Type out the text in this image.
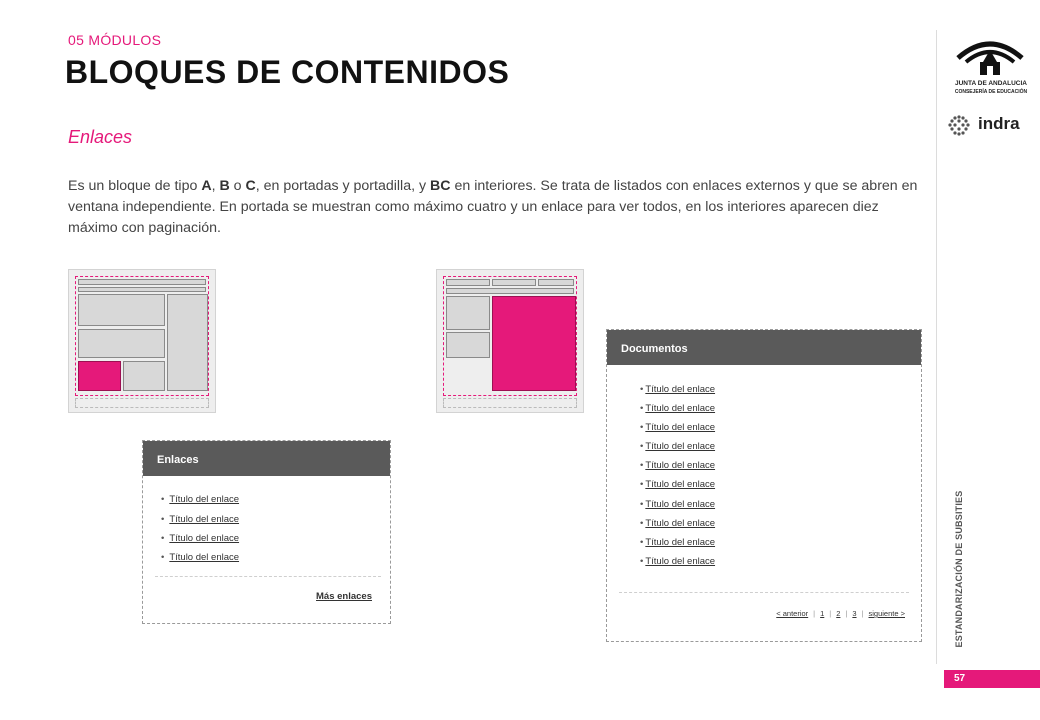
05 MÓDULOS
BLOQUES DE CONTENIDOS
Enlaces
Es un bloque de tipo A, B o C, en portadas y portadilla, y BC en interiores. Se trata de listados con enlaces externos y que se abren en ventana independiente. En portada se muestran como máximo cuatro y un enlace para ver todos, en los interiores aparecen diez máximo con paginación.
JUNTA DE ANDALUCIA
CONSEJERÍA DE EDUCACIÓN
indra
ESTANDARIZACIÓN DE SUBSITIES
57
Enlaces
• Título del enlace
• Título del enlace
• Título del enlace
• Título del enlace
Más enlaces
Documentos
• Título del enlace
• Título del enlace
• Título del enlace
• Título del enlace
• Título del enlace
• Título del enlace
• Título del enlace
• Título del enlace
• Título del enlace
• Título del enlace
< anterior | 1 | 2 | 3 | siguiente >
